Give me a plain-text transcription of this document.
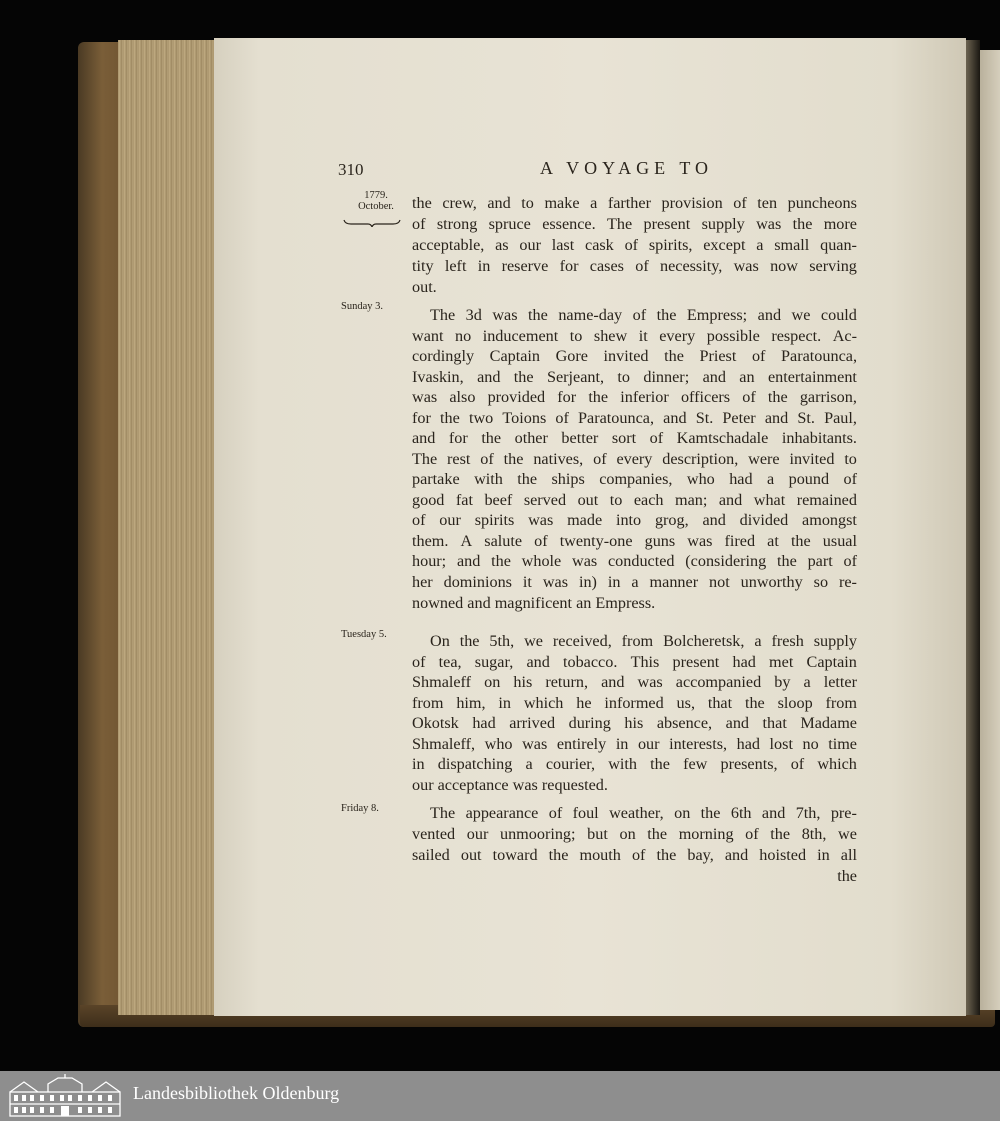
310	A VOYAGE TO
1779.
October.
Sunday 3.
Tuesday 5.
Friday 8.
the crew, and to make a farther provision of ten puncheons
of strong spruce essence. The present supply was the more
acceptable, as our last cask of spirits, except a small quan-
tity left in reserve for cases of necessity, was now serving
out.
The 3d was the name-day of the Empress; and we could
want no inducement to shew it every possible respect. Ac-
cordingly Captain Gore invited the Priest of Paratounca,
Ivaskin, and the Serjeant, to dinner; and an entertainment
was also provided for the inferior officers of the garrison,
for the two Toions of Paratounca, and St. Peter and St. Paul,
and for the other better sort of Kamtschadale inhabitants.
The rest of the natives, of every description, were invited to
partake with the ships companies, who had a pound of
good fat beef served out to each man; and what remained
of our spirits was made into grog, and divided amongst
them. A salute of twenty-one guns was fired at the usual
hour; and the whole was conducted (considering the part of
her dominions it was in) in a manner not unworthy so re-
nowned and magnificent an Empress.
On the 5th, we received, from Bolcheretsk, a fresh supply
of tea, sugar, and tobacco. This present had met Captain
Shmaleff on his return, and was accompanied by a letter
from him, in which he informed us, that the sloop from
Okotsk had arrived during his absence, and that Madame
Shmaleff, who was entirely in our interests, had lost no time
in dispatching a courier, with the few presents, of which
our acceptance was requested.
The appearance of foul weather, on the 6th and 7th, pre-
vented our unmooring; but on the morning of the 8th, we
sailed out toward the mouth of the bay, and hoisted in all
the
Landesbibliothek Oldenburg
